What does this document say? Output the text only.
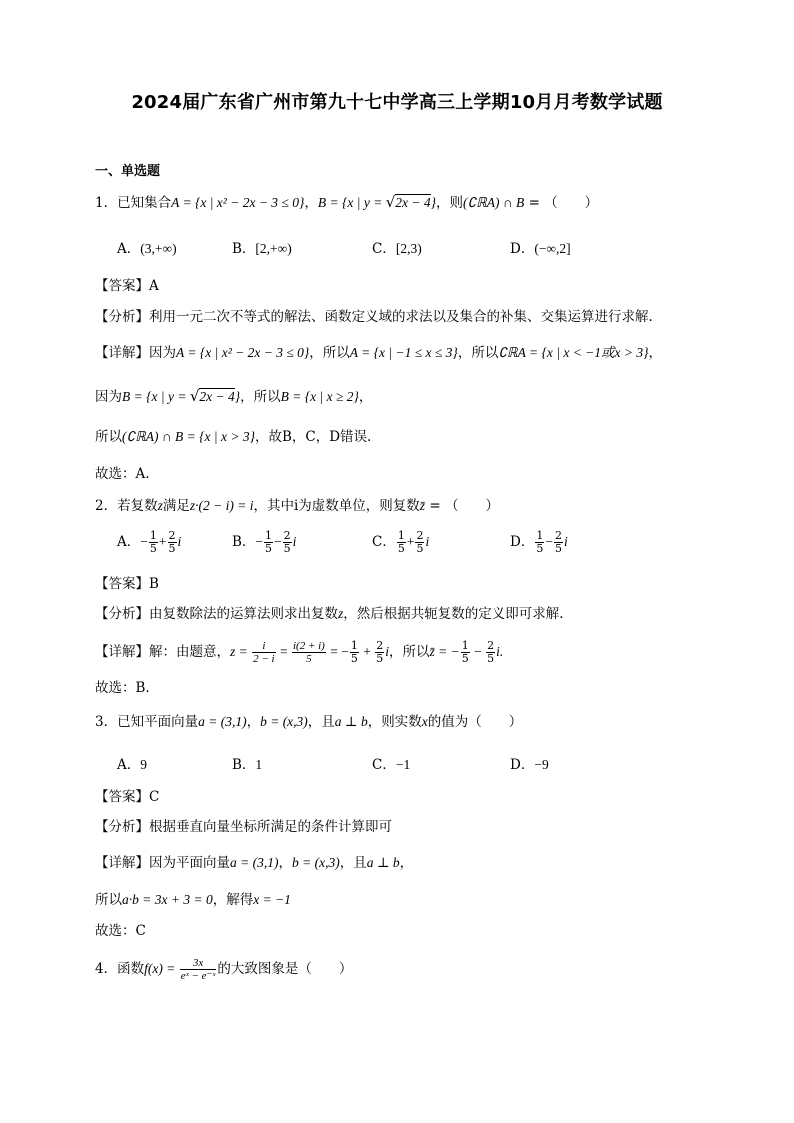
2024届广东省广州市第九十七中学高三上学期10月月考数学试题
一、单选题
1．已知集合A = {x | x² − 2x − 3 ≤ 0}，B = {x | y = √2x − 4}，则(∁ℝA) ∩ B = （　　）
A．(3,+∞)	B．[2,+∞)	C．[2,3)	D．(−∞,2]
【答案】A
【分析】利用一元二次不等式的解法、函数定义域的求法以及集合的补集、交集运算进行求解.
【详解】因为A = {x | x² − 2x − 3 ≤ 0}，所以A = {x | −1 ≤ x ≤ 3}，所以∁ℝA = {x | x < −1或x > 3}，
因为B = {x | y = √2x − 4}，所以B = {x | x ≥ 2}，
所以(∁ℝA) ∩ B = {x | x > 3}，故B，C，D错误.
故选：A.
2．若复数z满足z·(2 − i) = i，其中i为虚数单位，则复数z̄ = （　　）
A．− $\frac{1}{5} + \frac{2}{5}$ i	B．− $\frac{1}{5} - \frac{2}{5}$ i	C． $\frac{1}{5} + \frac{2}{5}$ i	D． $\frac{1}{5} - \frac{2}{5}$ i
【答案】B
【分析】由复数除法的运算法则求出复数z，然后根据共轭复数的定义即可求解.
【详解】解：由题意，$z = \frac{i}{2 - i} = \frac{i(2 + i)}{5}$ = − $\frac{1}{5} + \frac{2}{5}$ i，所以z̄ = − $\frac{1}{5} - \frac{2}{5} i$.
故选：B.
3．已知平面向量a = (3,1)，b = (x,3)，且a ⊥ b，则实数x的值为（　　）
A．9	B．1	C．−1	D．−9
【答案】C
【分析】根据垂直向量坐标所满足的条件计算即可
【详解】因为平面向量a = (3,1)，b = (x,3)，且a ⊥ b，
所以a·b = 3x + 3 = 0，解得x = −1
故选：C
4．函数$f(x) = \frac{3x}{\text{eˣ − e⁻ˣ}}$ 的大致图象是（　　）
